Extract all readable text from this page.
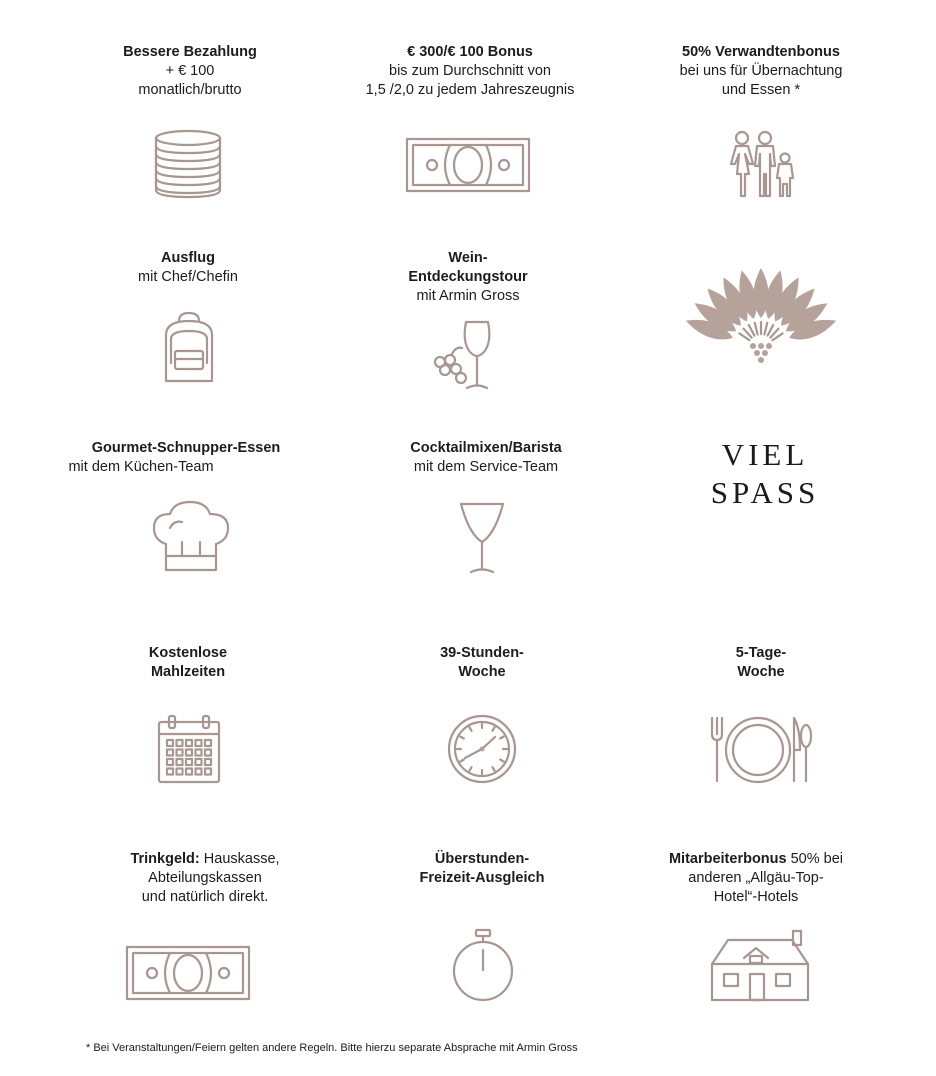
Bessere Bezahlung
+ € 100
monatlich/brutto
€ 300/€ 100 Bonus
bis zum Durchschnitt von
1,5 /2,0 zu jedem Jahreszeugnis
50% Verwandtenbonus
bei uns für Übernachtung
und Essen *
Ausflug
mit Chef/Chefin
Wein-
Entdeckungstour
mit Armin Gross
Gourmet-Schnupper-Essen
mit dem Küchen-Team
Cocktailmixen/Barista
mit dem Service-Team	VIEL
SPASS
Kostenlose
Mahlzeiten
39-Stunden-
Woche
5-Tage-
Woche
Trinkgeld: Hauskasse,
Abteilungskassen
und natürlich direkt.
Überstunden-
Freizeit-Ausgleich
Mitarbeiterbonus 50% bei
anderen „Allgäu-Top-
Hotel“-Hotels
* Bei Veranstaltungen/Feiern gelten andere Regeln. Bitte hierzu separate Absprache mit Armin Gross
